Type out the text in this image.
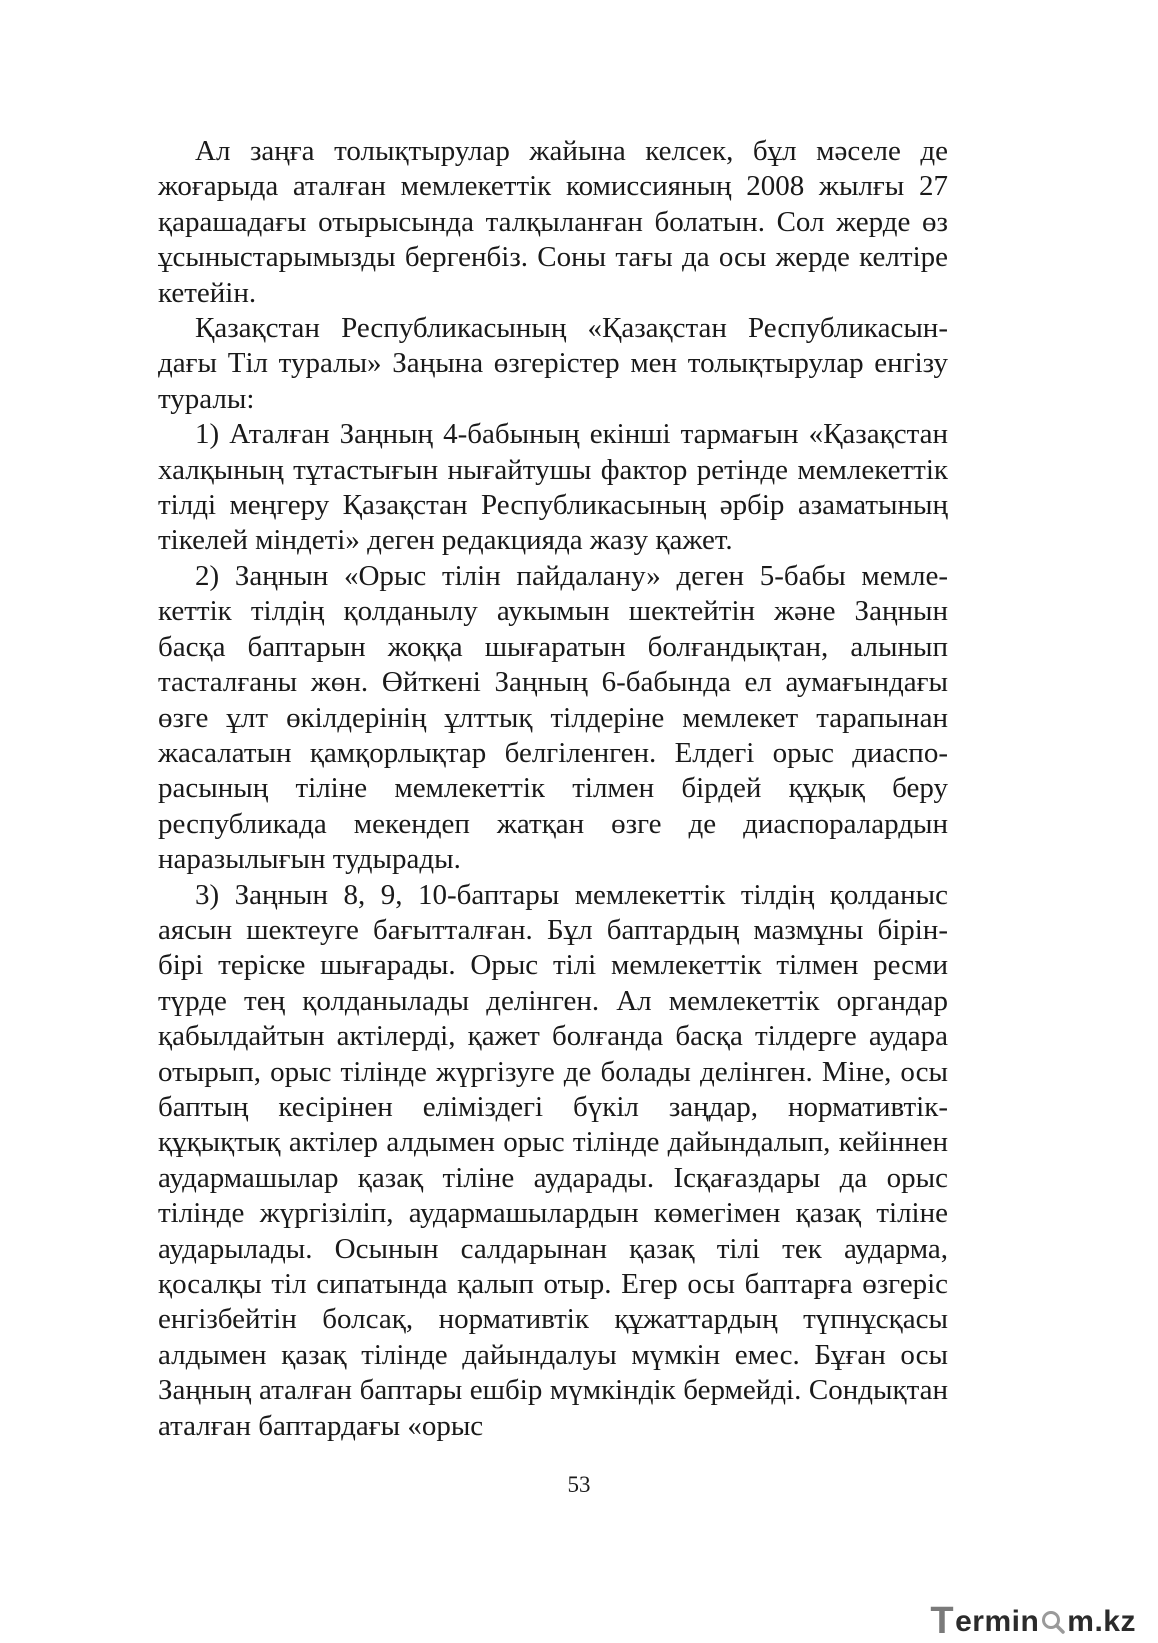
Ал заңға толықтырулар жайына келсек, бұл мәселе де жоғарыда аталған мемлекеттік комиссияның 2008 жылғы 27 қарашадағы отырысында талқыланған болатын. Сол жерде өз ұсыныстарымызды бергенбіз. Соны тағы да осы жерде келтіре кетейін.

Қазақстан Республикасының «Қазақстан Республикасындағы Тіл туралы» Заңына өзгерістер мен толықтырулар енгізу туралы:

1) Аталған Заңның 4-бабының екінші тармағын «Қазақстан халқының тұтастығын нығайтушы фактор ретінде мемлекеттік тілді меңгеру Қазақстан Республикасының әрбір азаматының тікелей міндеті» деген редакцияда жазу қажет.

2) Заңнын «Орыс тілін пайдалану» деген 5-бабы мемлекеттік тілдің қолданылу аукымын шектейтін және Заңнын басқа баптарын жоққа шығаратын болғандықтан, алынып тасталғаны жөн. Өйткені Заңның 6-бабында ел аумағындағы өзге ұлт өкілдерінің ұлттық тілдеріне мемлекет тарапынан жасалатын қамқорлықтар белгіленген. Елдегі орыс диаспорасының тіліне мемлекеттік тілмен бірдей құқық беру республикада мекендеп жатқан өзге де диаспоралардын наразылығын тудырады.

3) Заңнын 8, 9, 10-баптары мемлекеттік тілдің қолданыс аясын шектеуге бағытталған. Бұл баптардың мазмұны бірін-бірі теріске шығарады. Орыс тілі мемлекеттік тілмен ресми түрде тең қолданылады делінген. Ал мемлекеттік органдар қабылдайтын актілерді, қажет болғанда басқа тілдерге аудара отырып, орыс тілінде жүргізуге де болады делінген. Міне, осы баптың кесірінен еліміздегі бүкіл заңдар, нормативтік-құқықтық актілер алдымен орыс тілінде дайындалып, кейіннен аудармашылар қазақ тіліне аударады. Ісқағаздары да орыс тілінде жүргізіліп, аудармашылардын көмегімен қазақ тіліне аударылады. Осынын салдарынан қазақ тілі тек аударма, қосалқы тіл сипатында қалып отыр. Егер осы баптарға өзгеріс енгізбейтін болсақ, нормативтік құжаттардың түпнұсқасы алдымен қазақ тілінде дайындалуы мүмкін емес. Бұған осы Заңның аталған баптары ешбір мүмкіндік бермейді. Сондықтан аталған баптардағы «орыс

53
T ermin m.kz
